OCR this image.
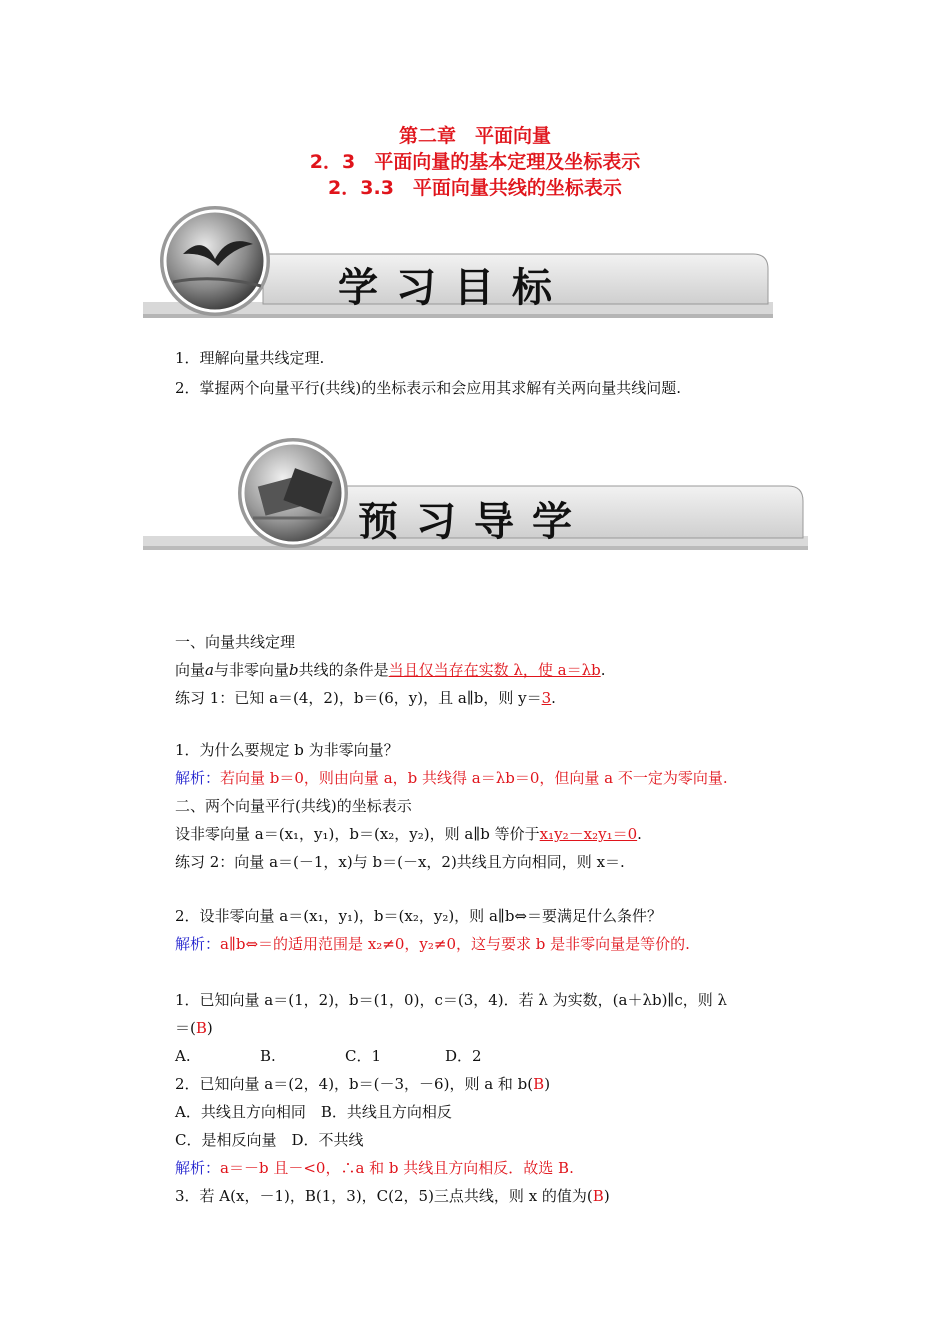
第二章　平面向量
2．3　平面向量的基本定理及坐标表示
2．3.3　平面向量共线的坐标表示
学习目标
1．理解向量共线定理.
2．掌握两个向量平行(共线)的坐标表示和会应用其求解有关两向量共线问题.
预习导学
一、向量共线定理
向量a与非零向量b共线的条件是当且仅当存在实数 λ，使 a＝λb.
练习 1：已知 a＝(4，2)，b＝(6，y)，且 a∥b，则 y＝3.
1．为什么要规定 b 为非零向量？
解析：若向量 b＝0，则由向量 a，b 共线得 a＝λb＝0，但向量 a 不一定为零向量.
二、两个向量平行(共线)的坐标表示
设非零向量 a＝(x₁，y₁)，b＝(x₂，y₂)，则 a∥b 等价于x₁y₂－x₂y₁＝0.
练习 2：向量 a＝(－1，x)与 b＝(－x，2)共线且方向相同，则 x＝.
2．设非零向量 a＝(x₁，y₁)，b＝(x₂，y₂)，则 a∥b⇔＝要满足什么条件？
解析：a∥b⇔＝的适用范围是 x₂≠0，y₂≠0，这与要求 b 是非零向量是等价的.
1．已知向量 a＝(1，2)，b＝(1，0)，c＝(3，4)．若 λ 为实数，(a＋λb)∥c，则 λ
＝(B)
A.	B.	C．1	D．2
2．已知向量 a＝(2，4)，b＝(－3，－6)，则 a 和 b(B)
A．共线且方向相同　B．共线且方向相反
C．是相反向量　D．不共线
解析：a＝－b 且－<0，∴a 和 b 共线且方向相反．故选 B.
3．若 A(x，－1)，B(1，3)，C(2，5)三点共线，则 x 的值为(B)
